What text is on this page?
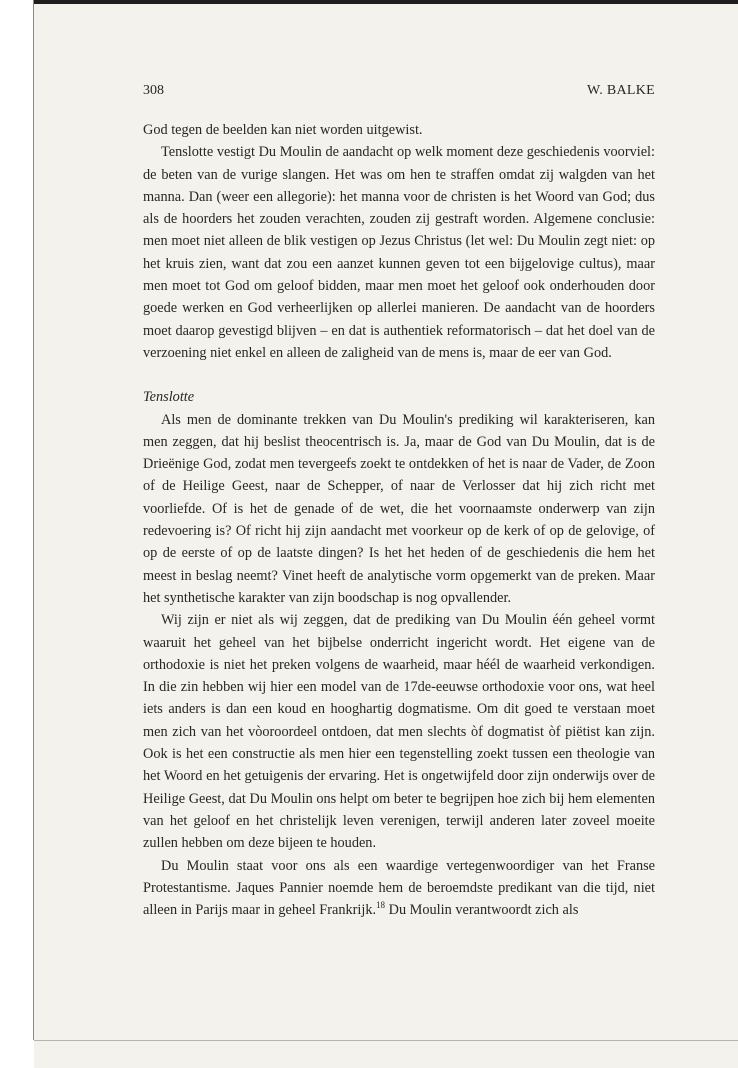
308	W. BALKE

God tegen de beelden kan niet worden uitgewist.

Tenslotte vestigt Du Moulin de aandacht op welk moment deze geschiedenis voorviel: de beten van de vurige slangen. Het was om hen te straffen omdat zij walgden van het manna. Dan (weer een allegorie): het manna voor de christen is het Woord van God; dus als de hoorders het zouden verachten, zouden zij gestraft worden. Algemene conclusie: men moet niet alleen de blik vestigen op Jezus Christus (let wel: Du Moulin zegt niet: op het kruis zien, want dat zou een aanzet kunnen geven tot een bijgelovige cultus), maar men moet tot God om geloof bidden, maar men moet het geloof ook onderhouden door goede werken en God verheerlijken op allerlei manieren. De aandacht van de hoorders moet daarop gevestigd blijven – en dat is authentiek reformatorisch – dat het doel van de verzoening niet enkel en alleen de zaligheid van de mens is, maar de eer van God.

Tenslotte

Als men de dominante trekken van Du Moulin's prediking wil karakteriseren, kan men zeggen, dat hij beslist theocentrisch is. Ja, maar de God van Du Moulin, dat is de Drieënige God, zodat men tevergeefs zoekt te ontdekken of het is naar de Vader, de Zoon of de Heilige Geest, naar de Schepper, of naar de Verlosser dat hij zich richt met voorliefde. Of is het de genade of de wet, die het voornaamste onderwerp van zijn redevoering is? Of richt hij zijn aandacht met voorkeur op de kerk of op de gelovige, of op de eerste of op de laatste dingen? Is het het heden of de geschiedenis die hem het meest in beslag neemt? Vinet heeft de analytische vorm opgemerkt van de preken. Maar het synthetische karakter van zijn boodschap is nog opvallender.

Wij zijn er niet als wij zeggen, dat de prediking van Du Moulin één geheel vormt waaruit het geheel van het bijbelse onderricht ingericht wordt. Het eigene van de orthodoxie is niet het preken volgens de waarheid, maar héél de waarheid verkondigen. In die zin hebben wij hier een model van de 17de-eeuwse orthodoxie voor ons, wat heel iets anders is dan een koud en hooghartig dogmatisme. Om dit goed te verstaan moet men zich van het vòoroordeel ontdoen, dat men slechts òf dogmatist òf piëtist kan zijn. Ook is het een constructie als men hier een tegenstelling zoekt tussen een theologie van het Woord en het getuigenis der ervaring. Het is ongetwijfeld door zijn onderwijs over de Heilige Geest, dat Du Moulin ons helpt om beter te begrijpen hoe zich bij hem elementen van het geloof en het christelijk leven verenigen, terwijl anderen later zoveel moeite zullen hebben om deze bijeen te houden.

Du Moulin staat voor ons als een waardige vertegenwoordiger van het Franse Protestantisme. Jaques Pannier noemde hem de beroemdste predikant van die tijd, niet alleen in Parijs maar in geheel Frankrijk.$^{18}$ Du Moulin verantwoordt zich als
